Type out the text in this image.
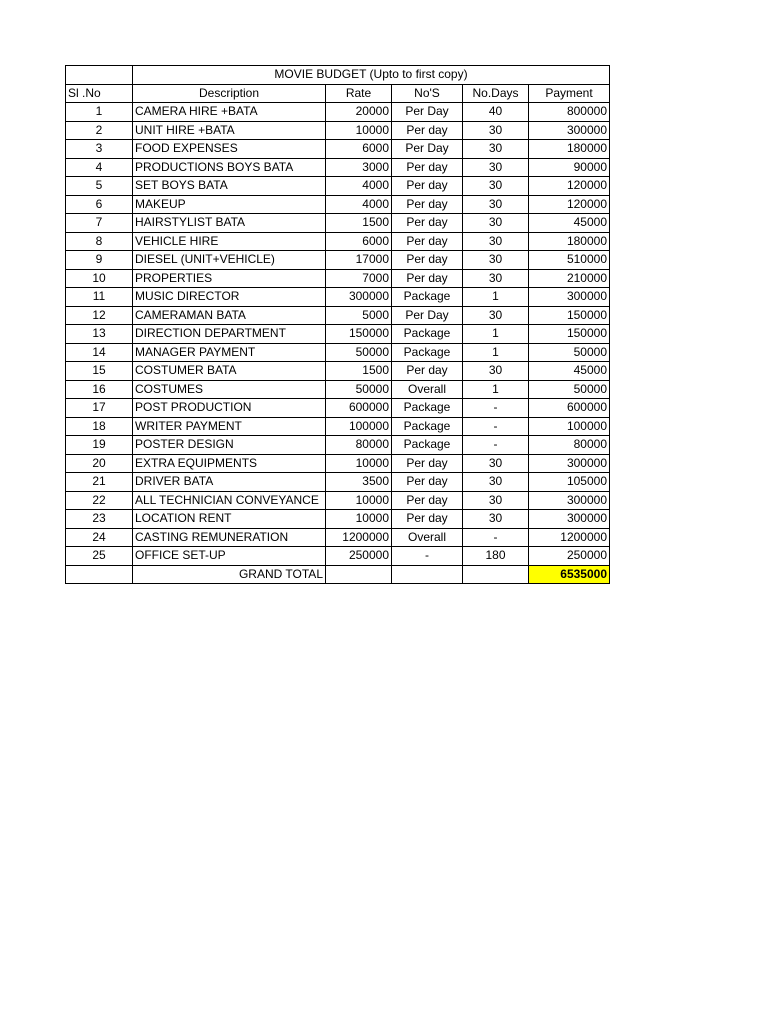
	MOVIE BUDGET (Upto to first copy)				
Sl .No	Description	Rate	No'S	No.Days	Payment
1	CAMERA HIRE +BATA	20000	Per Day	40	800000
2	UNIT HIRE +BATA	10000	Per day	30	300000
3	FOOD EXPENSES	6000	Per Day	30	180000
4	PRODUCTIONS BOYS BATA	3000	Per day	30	90000
5	SET BOYS BATA	4000	Per day	30	120000
6	MAKEUP	4000	Per day	30	120000
7	HAIRSTYLIST BATA	1500	Per day	30	45000
8	VEHICLE HIRE	6000	Per day	30	180000
9	DIESEL (UNIT+VEHICLE)	17000	Per day	30	510000
10	PROPERTIES	7000	Per day	30	210000
11	MUSIC DIRECTOR	300000	Package	1	300000
12	CAMERAMAN BATA	5000	Per Day	30	150000
13	DIRECTION DEPARTMENT	150000	Package	1	150000
14	MANAGER PAYMENT	50000	Package	1	50000
15	COSTUMER BATA	1500	Per day	30	45000
16	COSTUMES	50000	Overall	1	50000
17	POST PRODUCTION	600000	Package	-	600000
18	WRITER PAYMENT	100000	Package	-	100000
19	POSTER DESIGN	80000	Package	-	80000
20	EXTRA EQUIPMENTS	10000	Per day	30	300000
21	DRIVER BATA	3500	Per day	30	105000
22	ALL TECHNICIAN CONVEYANCE	10000	Per day	30	300000
23	LOCATION RENT	10000	Per day	30	300000
24	CASTING REMUNERATION	1200000	Overall	-	1200000
25	OFFICE SET-UP	250000	-	180	250000
	GRAND TOTAL				6535000
